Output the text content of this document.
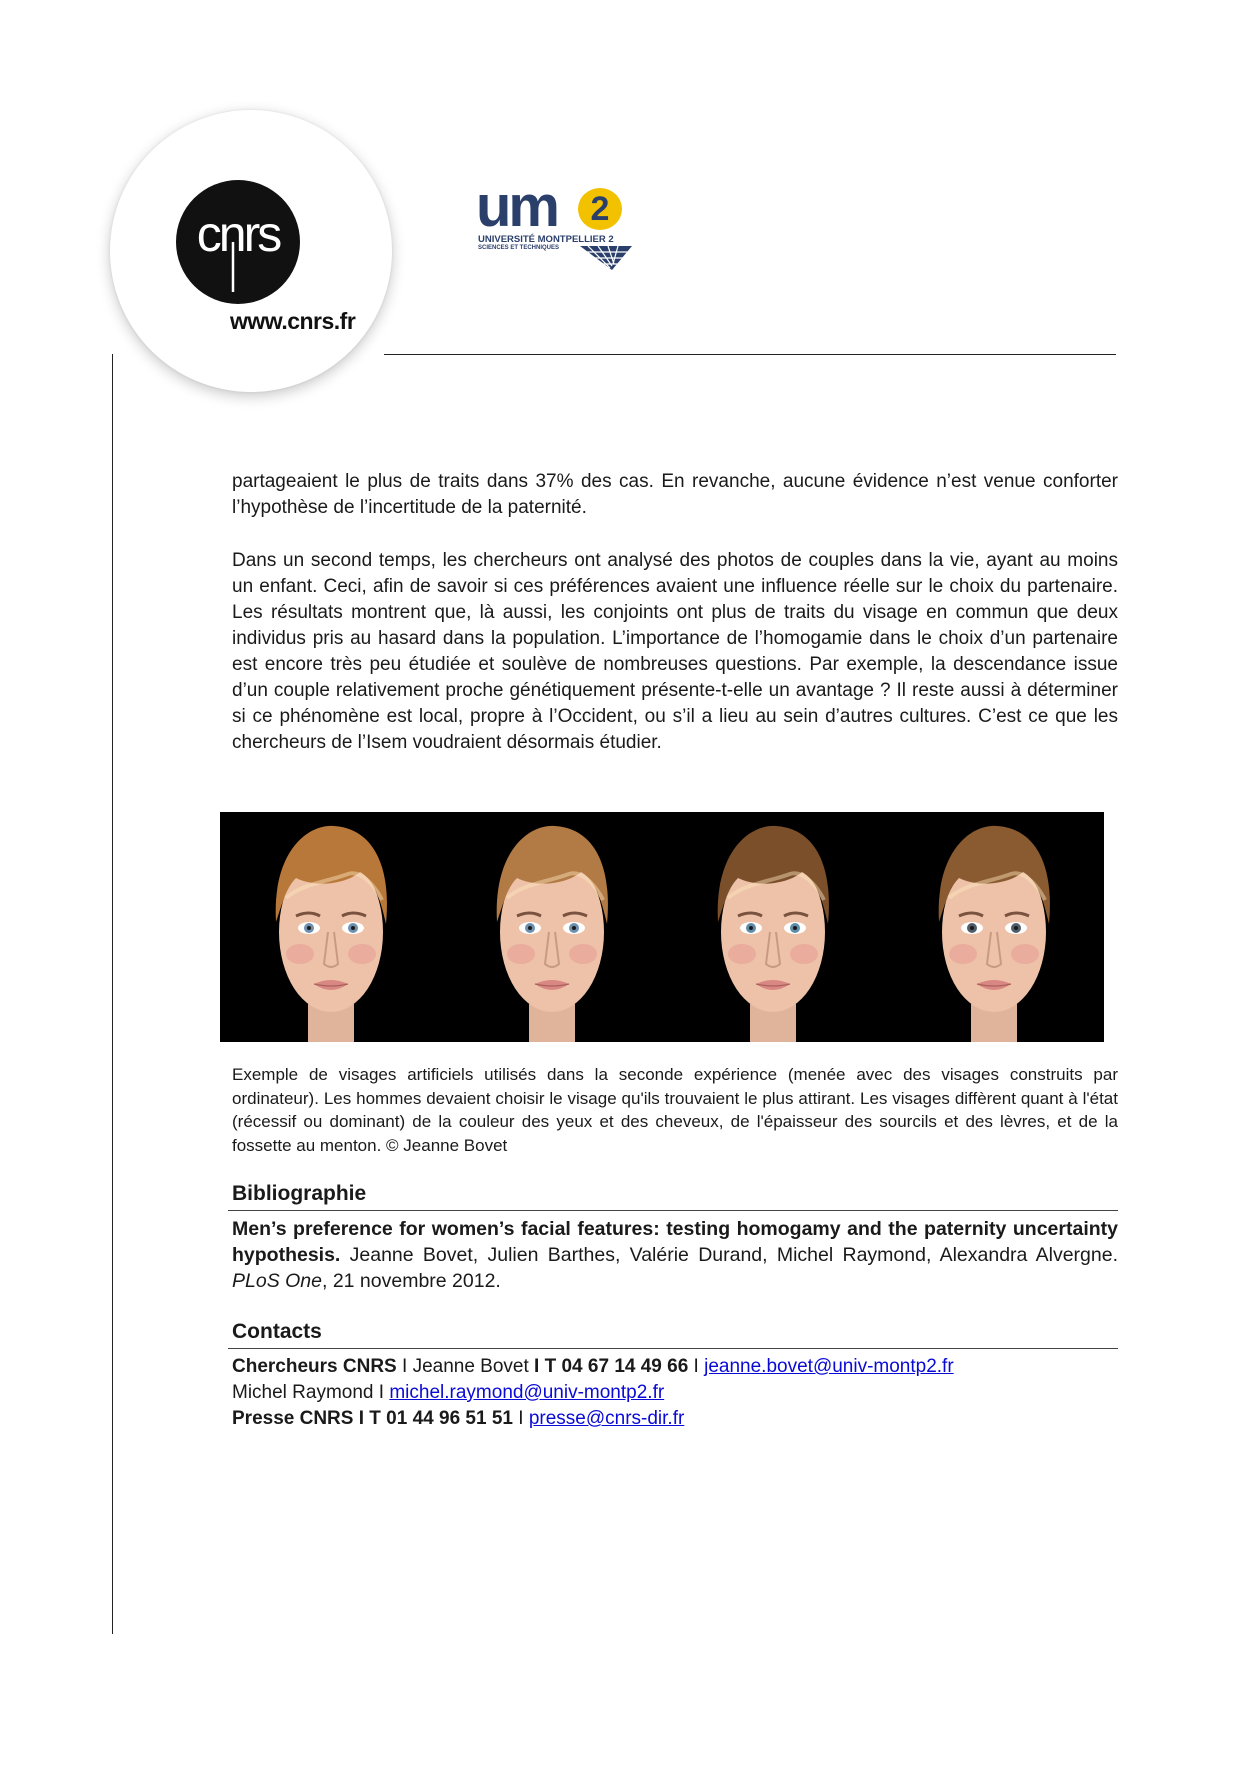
cnrs
www.cnrs.fr
um 2
UNIVERSITÉ MONTPELLIER 2
SCIENCES ET TECHNIQUES
partageaient le plus de traits dans 37% des cas. En revanche, aucune évidence n’est venue conforter l’hypothèse de l’incertitude de la paternité.
Dans un second temps, les chercheurs ont analysé des photos de couples dans la vie, ayant au moins un enfant. Ceci, afin de savoir si ces préférences avaient une influence réelle sur le choix du partenaire. Les résultats montrent que, là aussi, les conjoints ont plus de traits du visage en commun que deux individus pris au hasard dans la population. L’importance de l’homogamie dans le choix d’un partenaire est encore très peu étudiée et soulève de nombreuses questions. Par exemple, la descendance issue d’un couple relativement proche génétiquement présente-t-elle un avantage ? Il reste aussi à déterminer si ce phénomène est local, propre à l’Occident, ou s’il a lieu au sein d’autres cultures. C’est ce que les chercheurs de l’Isem voudraient désormais étudier.
Exemple de visages artificiels utilisés dans la seconde expérience (menée avec des visages construits par ordinateur). Les hommes devaient choisir le visage qu'ils trouvaient le plus attirant. Les visages diffèrent quant à l'état (récessif ou dominant) de la couleur des yeux et des cheveux, de l'épaisseur des sourcils et des lèvres, et de la fossette au menton. © Jeanne Bovet
Bibliographie
Men’s preference for women’s facial features: testing homogamy and the paternity uncertainty hypothesis. Jeanne Bovet, Julien Barthes, Valérie Durand, Michel Raymond, Alexandra Alvergne. PLoS One, 21 novembre 2012.
Contacts
Chercheurs CNRS I Jeanne Bovet I T 04 67 14 49 66 I jeanne.bovet@univ-montp2.fr
Michel Raymond I michel.raymond@univ-montp2.fr
Presse CNRS I T 01 44 96 51 51 I presse@cnrs-dir.fr
